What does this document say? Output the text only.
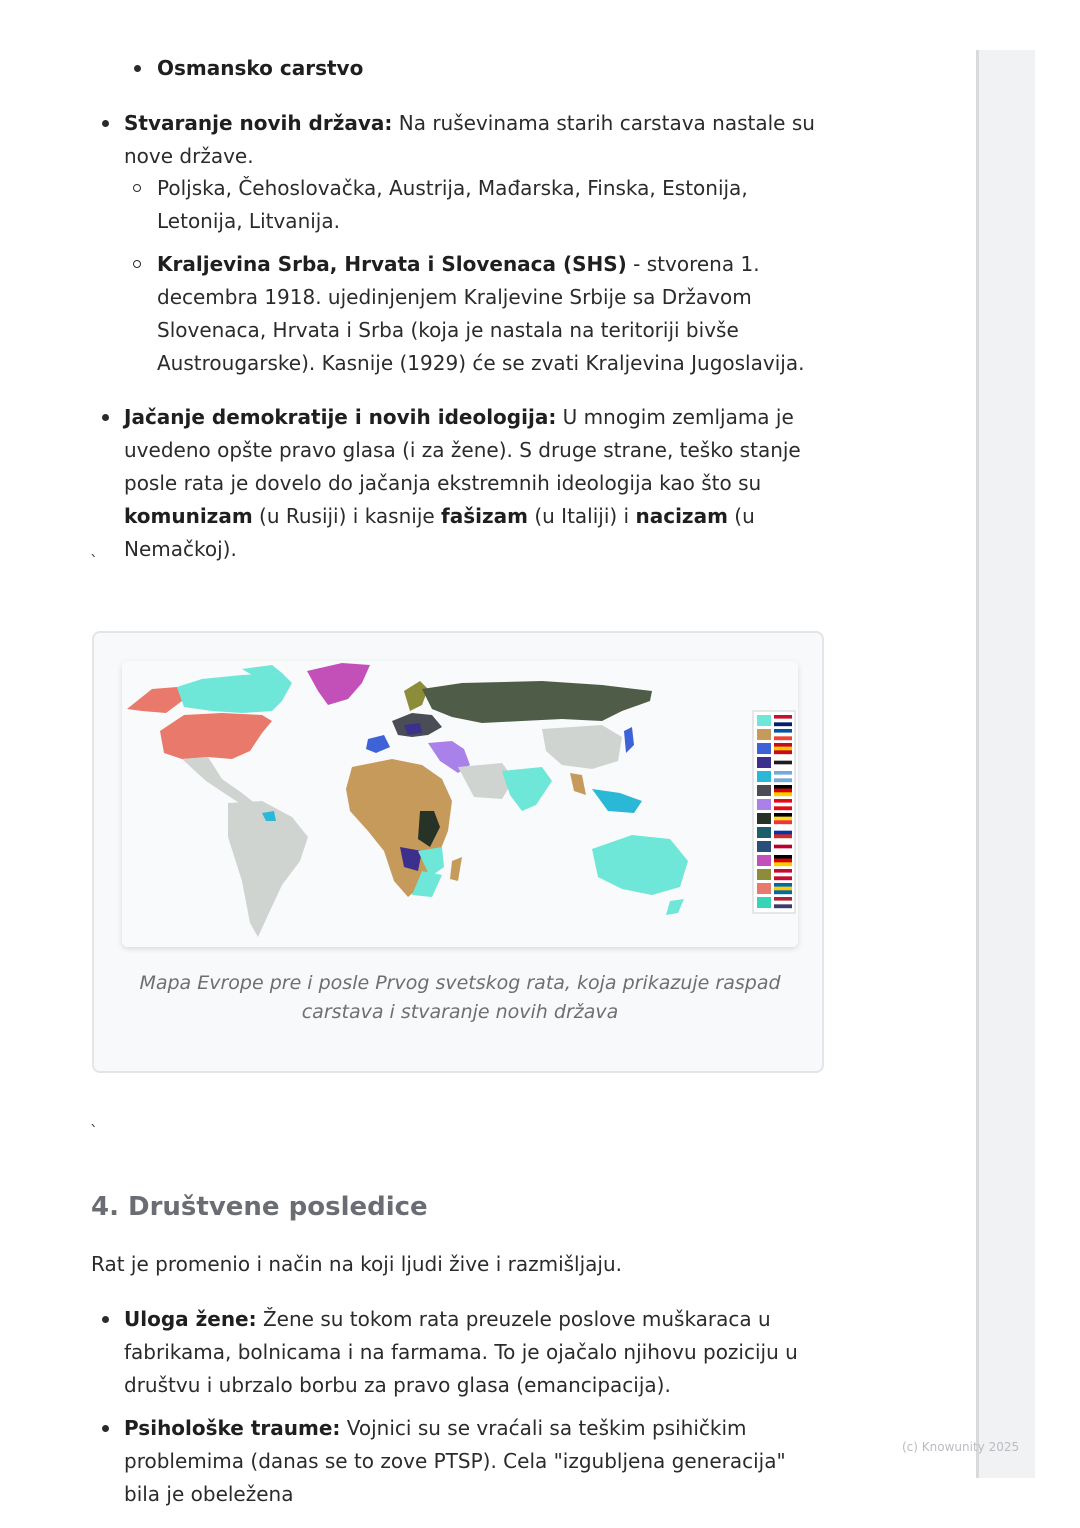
Osmansko carstvo
Stvaranje novih država: Na ruševinama starih carstava nastale su nove države.
Poljska, Čehoslovačka, Austrija, Mađarska, Finska, Estonija, Letonija, Litvanija.
Kraljevina Srba, Hrvata i Slovenaca (SHS) - stvorena 1. decembra 1918. ujedinjenjem Kraljevine Srbije sa Državom Slovenaca, Hrvata i Srba (koja je nastala na teritoriji bivše Austrougarske). Kasnije (1929) će se zvati Kraljevina Jugoslavija.
Jačanje demokratije i novih ideologija: U mnogim zemljama je uvedeno opšte pravo glasa (i za žene). S druge strane, teško stanje posle rata je dovelo do jačanja ekstremnih ideologija kao što su komunizam (u Rusiji) i kasnije fašizam (u Italiji) i nacizam (u Nemačkoj).
`
Mapa Evrope pre i posle Prvog svetskog rata, koja prikazuje raspad carstava i stvaranje novih država
`
4. Društvene posledice
Rat je promenio i način na koji ljudi žive i razmišljaju.
Uloga žene: Žene su tokom rata preuzele poslove muškaraca u fabrikama, bolnicama i na farmama. To je ojačalo njihovu poziciju u društvu i ubrzalo borbu za pravo glasa (emancipacija).
Psihološke traume: Vojnici su se vraćali sa teškim psihičkim problemima (danas se to zove PTSP). Cela "izgubljena generacija" bila je obeležena
(c) Knowunity 2025
